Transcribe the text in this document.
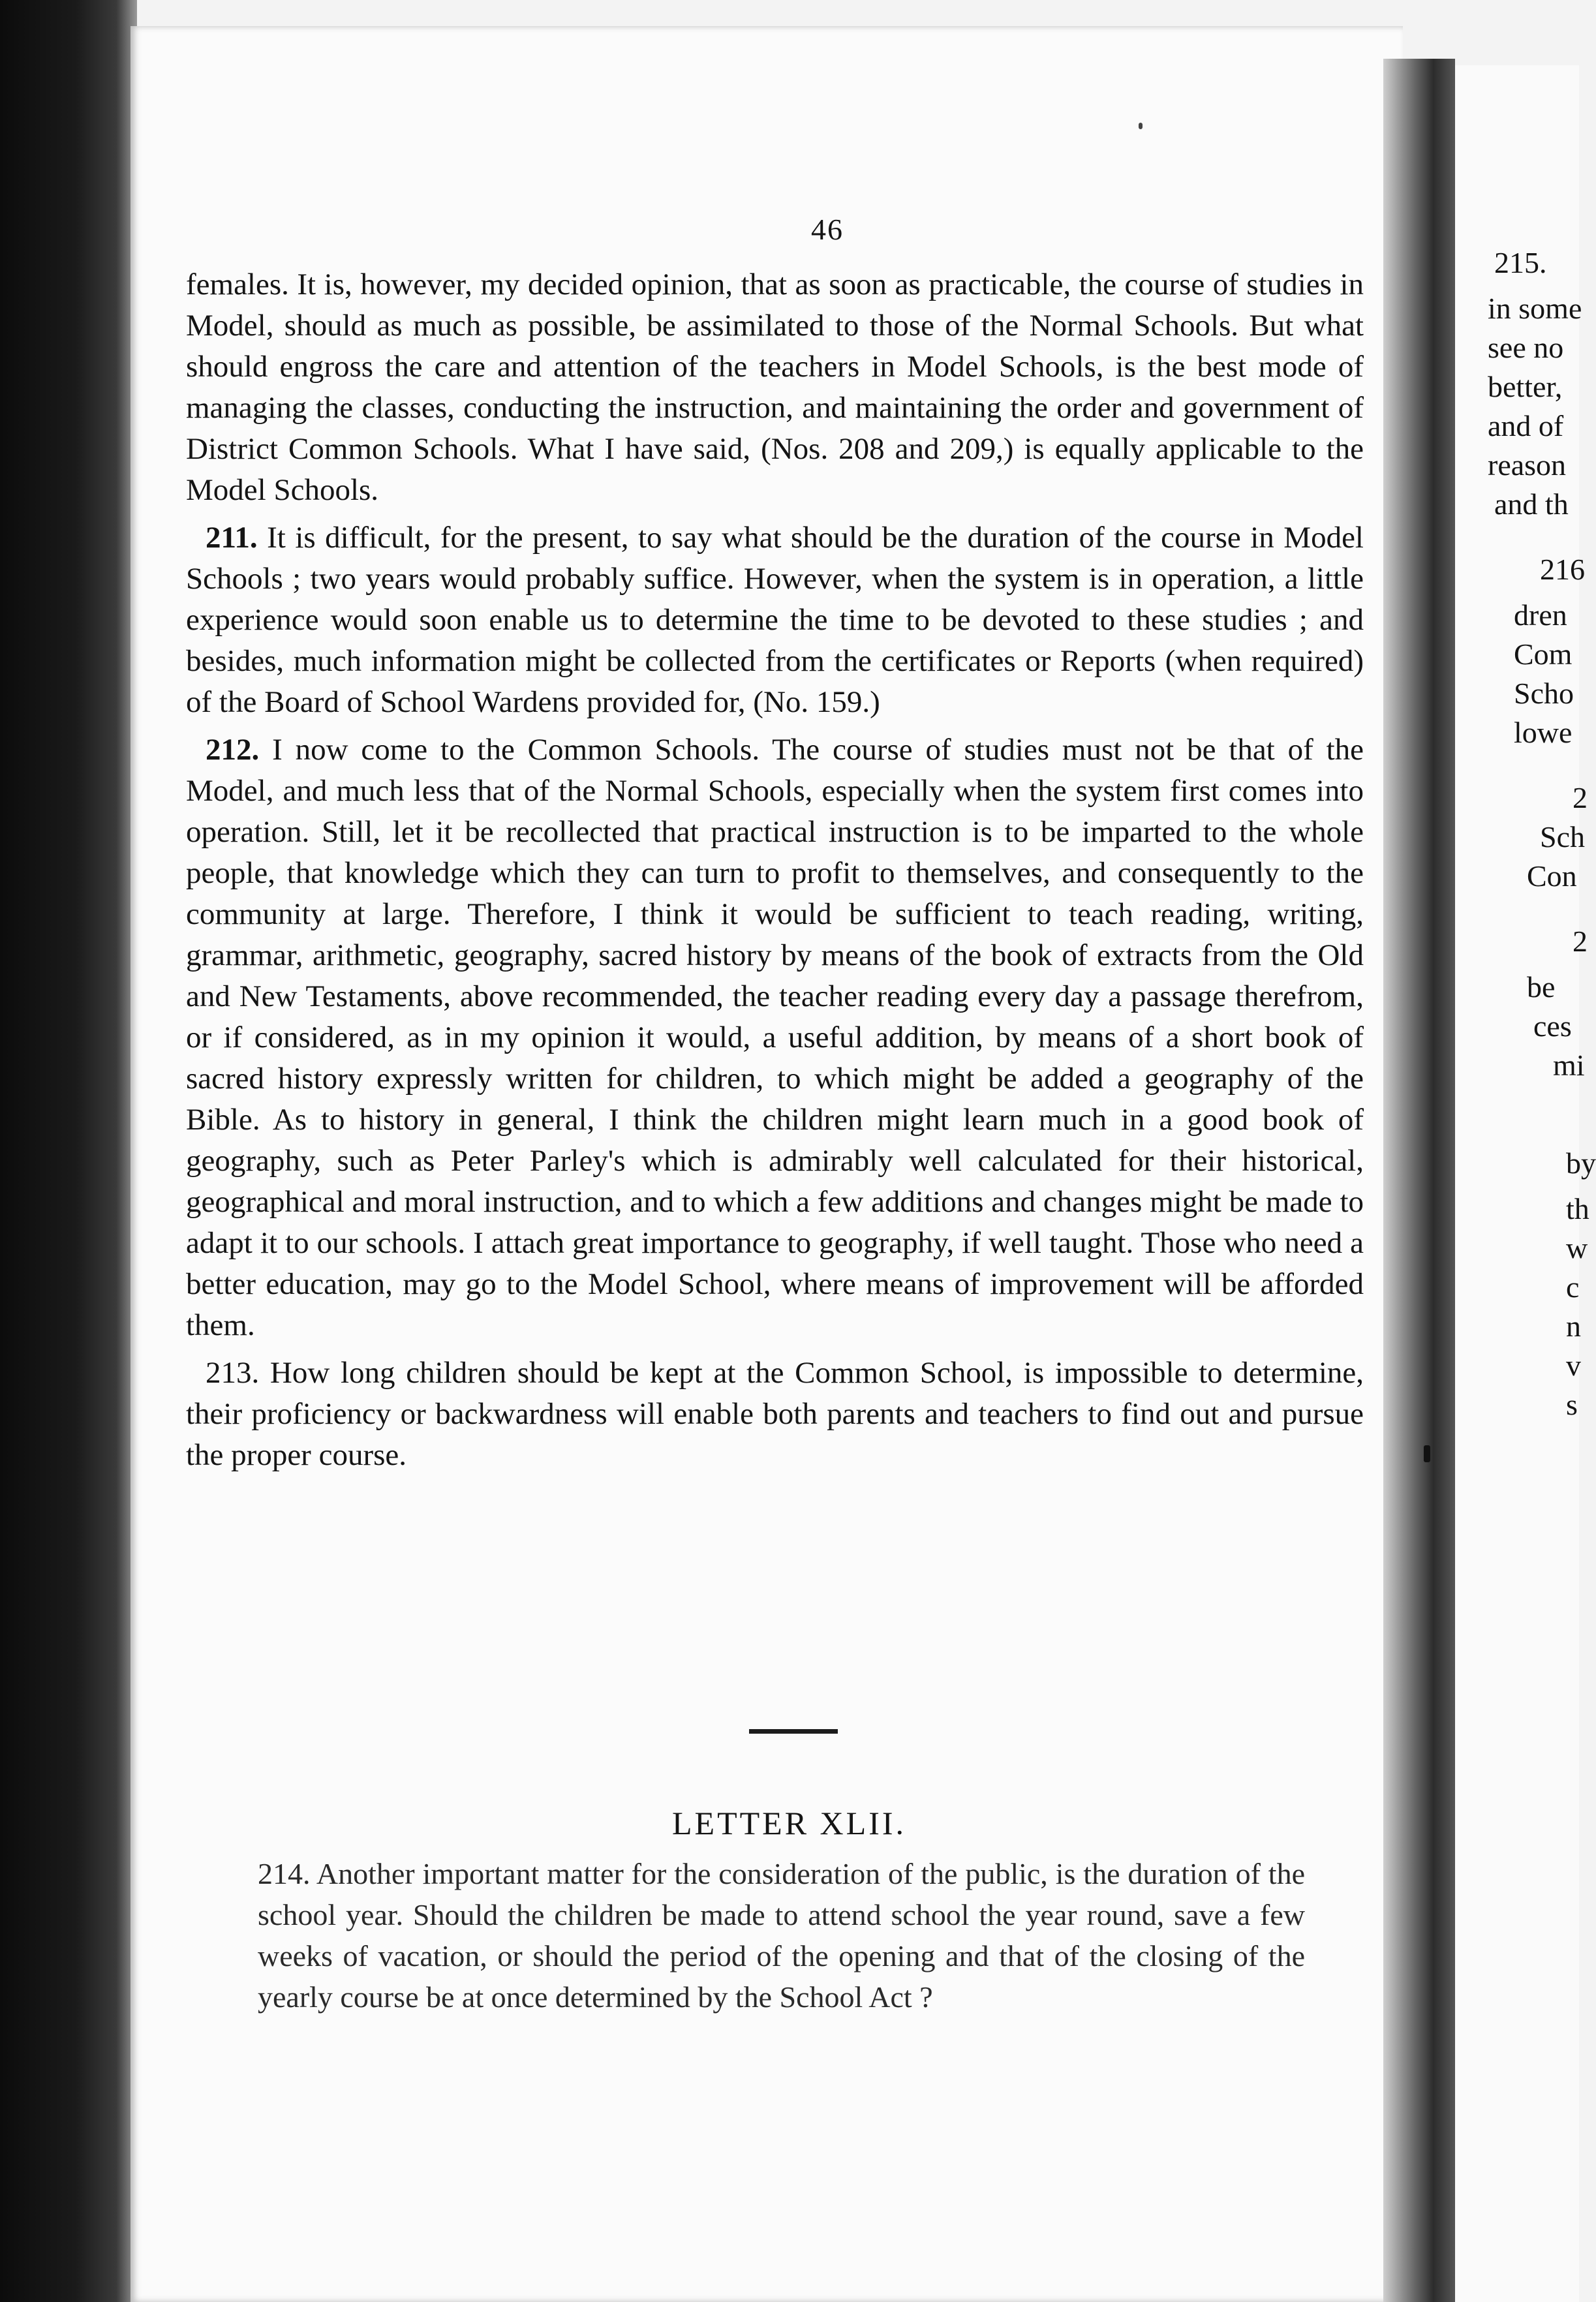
215.
in some
see no
better,
and of
reason
and th
216
dren
Com
Scho
lowe
2
Sch
Con
2
be
ces
mi
by
th
w
c
n
v
s
46

females. It is, however, my decided opinion, that as soon as practicable, the course of studies in Model, should as much as possible, be assimilated to those of the Normal Schools. But what should engross the care and attention of the teachers in Model Schools, is the best mode of managing the classes, conducting the instruction, and maintaining the order and government of District Common Schools. What I have said, (Nos. 208 and 209,) is equally applicable to the Model Schools.

211. It is difficult, for the present, to say what should be the duration of the course in Model Schools ; two years would probably suffice. However, when the system is in operation, a little experience would soon enable us to determine the time to be devoted to these studies ; and besides, much information might be collected from the certificates or Reports (when required) of the Board of School Wardens provided for, (No. 159.)

212. I now come to the Common Schools. The course of studies must not be that of the Model, and much less that of the Normal Schools, especially when the system first comes into operation. Still, let it be recollected that practical instruction is to be imparted to the whole people, that knowledge which they can turn to profit to themselves, and consequently to the community at large. Therefore, I think it would be sufficient to teach reading, writing, grammar, arithmetic, geography, sacred history by means of the book of extracts from the Old and New Testaments, above recommended, the teacher reading every day a passage therefrom, or if considered, as in my opinion it would, a useful addition, by means of a short book of sacred history expressly written for children, to which might be added a geography of the Bible. As to history in general, I think the children might learn much in a good book of geography, such as Peter Parley's which is admirably well calculated for their historical, geographical and moral instruction, and to which a few additions and changes might be made to adapt it to our schools. I attach great importance to geography, if well taught. Those who need a better education, may go to the Model School, where means of improvement will be afforded them.

213. How long children should be kept at the Common School, is impossible to determine, their proficiency or backwardness will enable both parents and teachers to find out and pursue the proper course.

LETTER XLII.
214. Another important matter for the consideration of the public, is the duration of the school year. Should the children be made to attend school the year round, save a few weeks of vacation, or should the period of the opening and that of the closing of the yearly course be at once determined by the School Act ?
